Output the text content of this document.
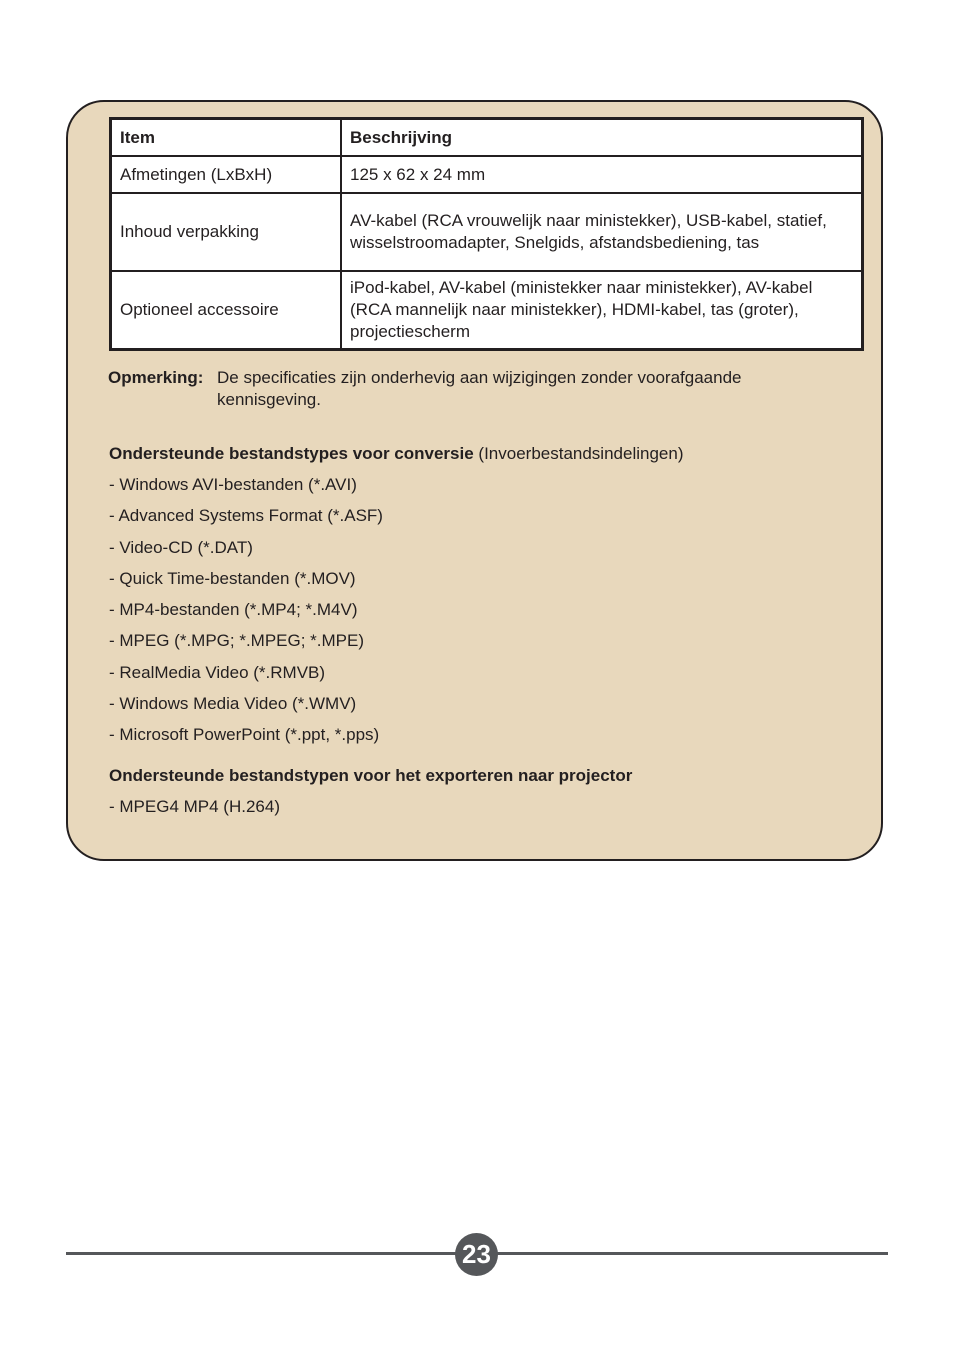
Item	Beschrijving
Afmetingen (LxBxH)	125 x 62 x 24 mm
Inhoud verpakking	AV-kabel (RCA vrouwelijk naar ministekker), USB-kabel, statief, wisselstroomadapter, Snelgids, afstandsbediening, tas
Optioneel accessoire	iPod-kabel, AV-kabel (ministekker naar ministekker), AV-kabel (RCA mannelijk naar ministekker), HDMI-kabel, tas (groter), projectiescherm
Opmerking: De specificaties zijn onderhevig aan wijzigingen zonder voorafgaande kennisgeving.
Ondersteunde bestandstypes voor conversie (Invoerbestandsindelingen)
- Windows AVI-bestanden (*.AVI)
- Advanced Systems Format (*.ASF)
- Video-CD (*.DAT)
- Quick Time-bestanden (*.MOV)
- MP4-bestanden (*.MP4; *.M4V)
- MPEG (*.MPG; *.MPEG; *.MPE)
- RealMedia Video (*.RMVB)
- Windows Media Video (*.WMV)
- Microsoft PowerPoint (*.ppt, *.pps)
Ondersteunde bestandstypen voor het exporteren naar projector
- MPEG4 MP4 (H.264)
23
